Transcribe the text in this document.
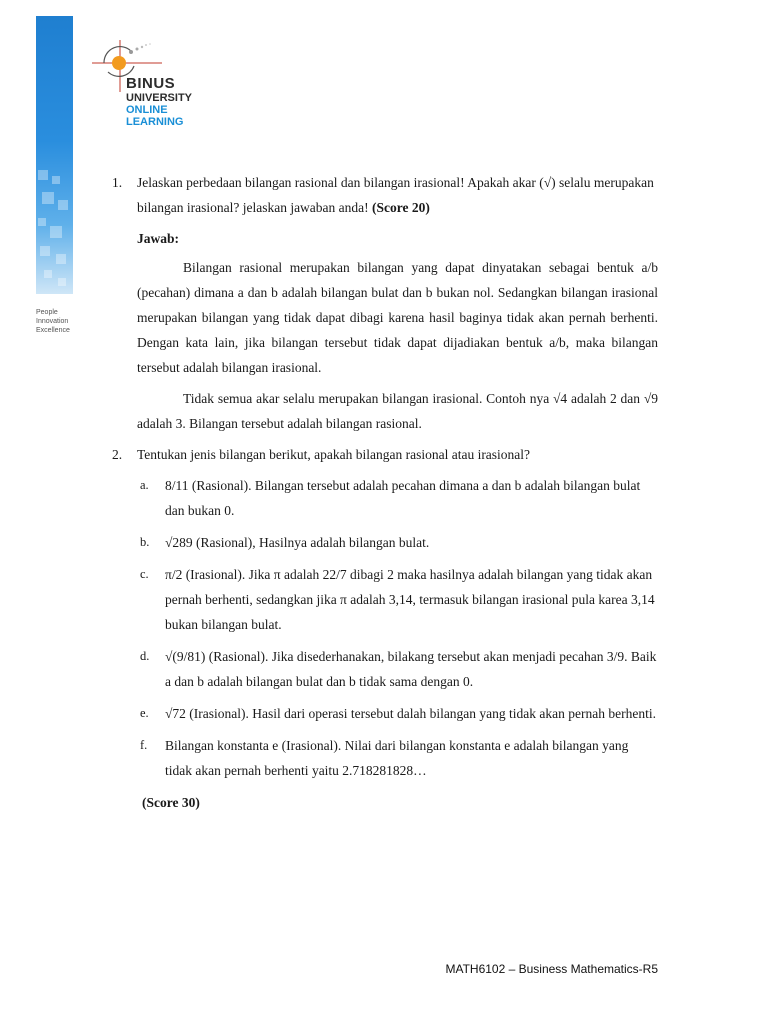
People
Innovation
Excellence
BINUS
UNIVERSITY
ONLINE
LEARNING
1. Jelaskan perbedaan bilangan rasional dan bilangan irasional! Apakah akar (√) selalu merupakan bilangan irasional? jelaskan jawaban anda! (Score 20)

Jawab:

Bilangan rasional merupakan bilangan yang dapat dinyatakan sebagai bentuk a/b (pecahan) dimana a dan b adalah bilangan bulat dan b bukan nol. Sedangkan bilangan irasional merupakan bilangan yang tidak dapat dibagi karena hasil baginya tidak akan pernah berhenti. Dengan kata lain, jika bilangan tersebut tidak dapat dijadiakan bentuk a/b, maka bilangan tersebut adalah bilangan irasional.

Tidak semua akar selalu merupakan bilangan irasional. Contoh nya √4 adalah 2 dan √9 adalah 3. Bilangan tersebut adalah bilangan rasional.

2. Tentukan jenis bilangan berikut, apakah bilangan rasional atau irasional?

a. 8/11 (Rasional). Bilangan tersebut adalah pecahan dimana a dan b adalah bilangan bulat dan bukan 0.
b. √289 (Rasional), Hasilnya adalah bilangan bulat.
c. π/2 (Irasional). Jika π adalah 22/7 dibagi 2 maka hasilnya adalah bilangan yang tidak akan pernah berhenti, sedangkan jika π adalah 3,14, termasuk bilangan irasional pula karea 3,14 bukan bilangan bulat.
d. √(9/81) (Rasional). Jika disederhanakan, bilakang tersebut akan menjadi pecahan 3/9. Baik a dan b adalah bilangan bulat dan b tidak sama dengan 0.
e. √72 (Irasional). Hasil dari operasi tersebut dalah bilangan yang tidak akan pernah berhenti.
f. Bilangan konstanta e (Irasional). Nilai dari bilangan konstanta e adalah bilangan yang tidak akan pernah berhenti yaitu 2.718281828…
(Score 30)
MATH6102 – Business Mathematics-R5
